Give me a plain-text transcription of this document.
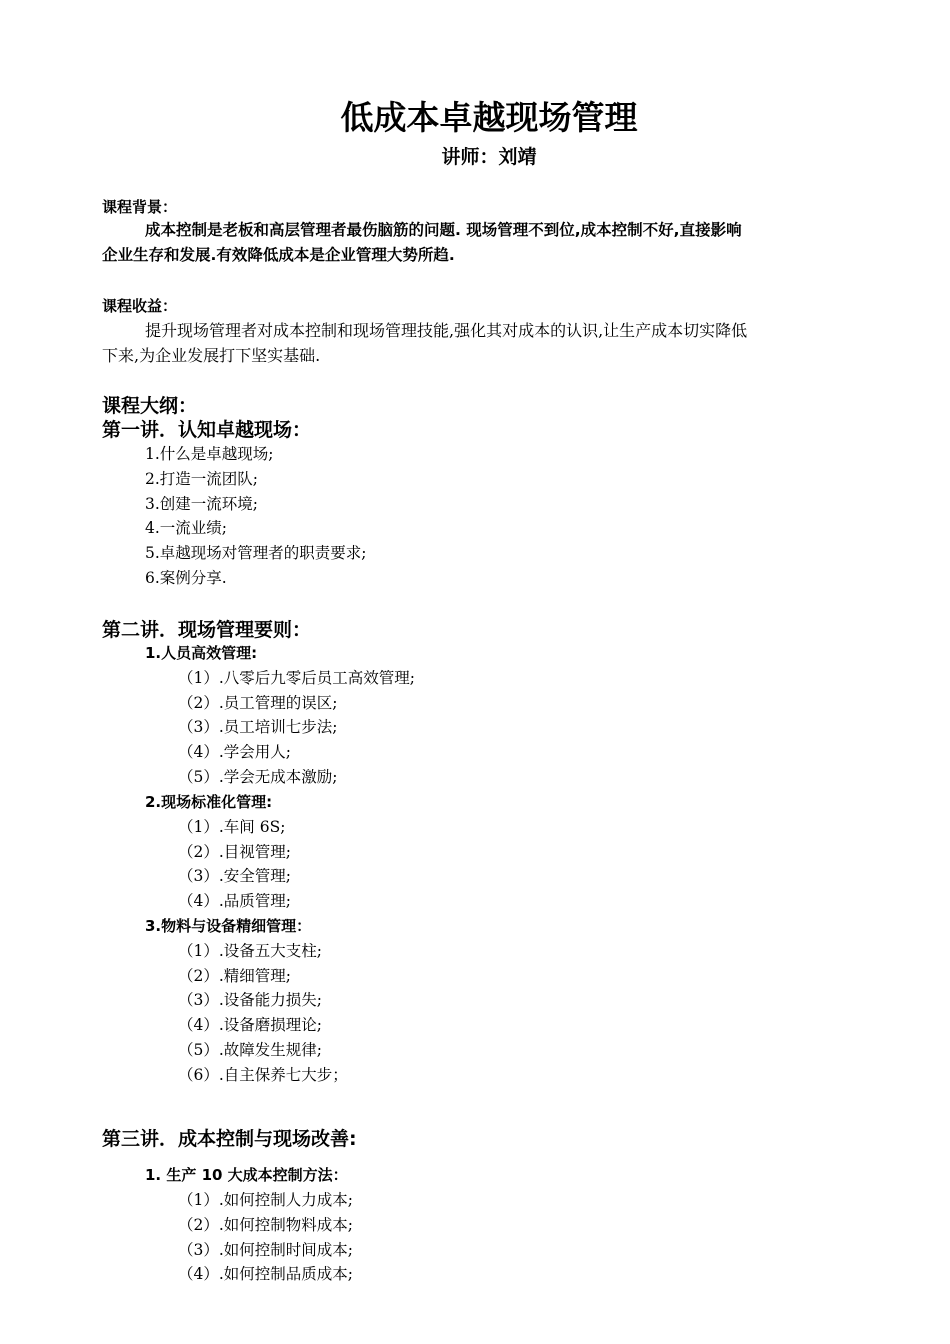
低成本卓越现场管理
讲师：刘靖
课程背景：
成本控制是老板和高层管理者最伤脑筋的问题. 现场管理不到位,成本控制不好,直接影响
企业生存和发展.有效降低成本是企业管理大势所趋.
课程收益：
提升现场管理者对成本控制和现场管理技能,强化其对成本的认识,让生产成本切实降低
下来,为企业发展打下坚实基础.
课程大纲：
第一讲．认知卓越现场：
1.什么是卓越现场;
2.打造一流团队;
3.创建一流环境;
4.一流业绩;
5.卓越现场对管理者的职责要求;
6.案例分享.
第二讲．现场管理要则：
1.人员高效管理:
（1）.八零后九零后员工高效管理;
（2）.员工管理的误区;
（3）.员工培训七步法;
（4）.学会用人;
（5）.学会无成本激励;
2.现场标准化管理:
（1）.车间 6S;
（2）.目视管理;
（3）.安全管理;
（4）.品质管理;
3.物料与设备精细管理：
（1）.设备五大支柱;
（2）.精细管理;
（3）.设备能力损失;
（4）.设备磨损理论;
（5）.故障发生规律;
（6）.自主保养七大步；
第三讲．成本控制与现场改善:
1. 生产 10 大成本控制方法：
（1）.如何控制人力成本;
（2）.如何控制物料成本;
（3）.如何控制时间成本;
（4）.如何控制品质成本;
